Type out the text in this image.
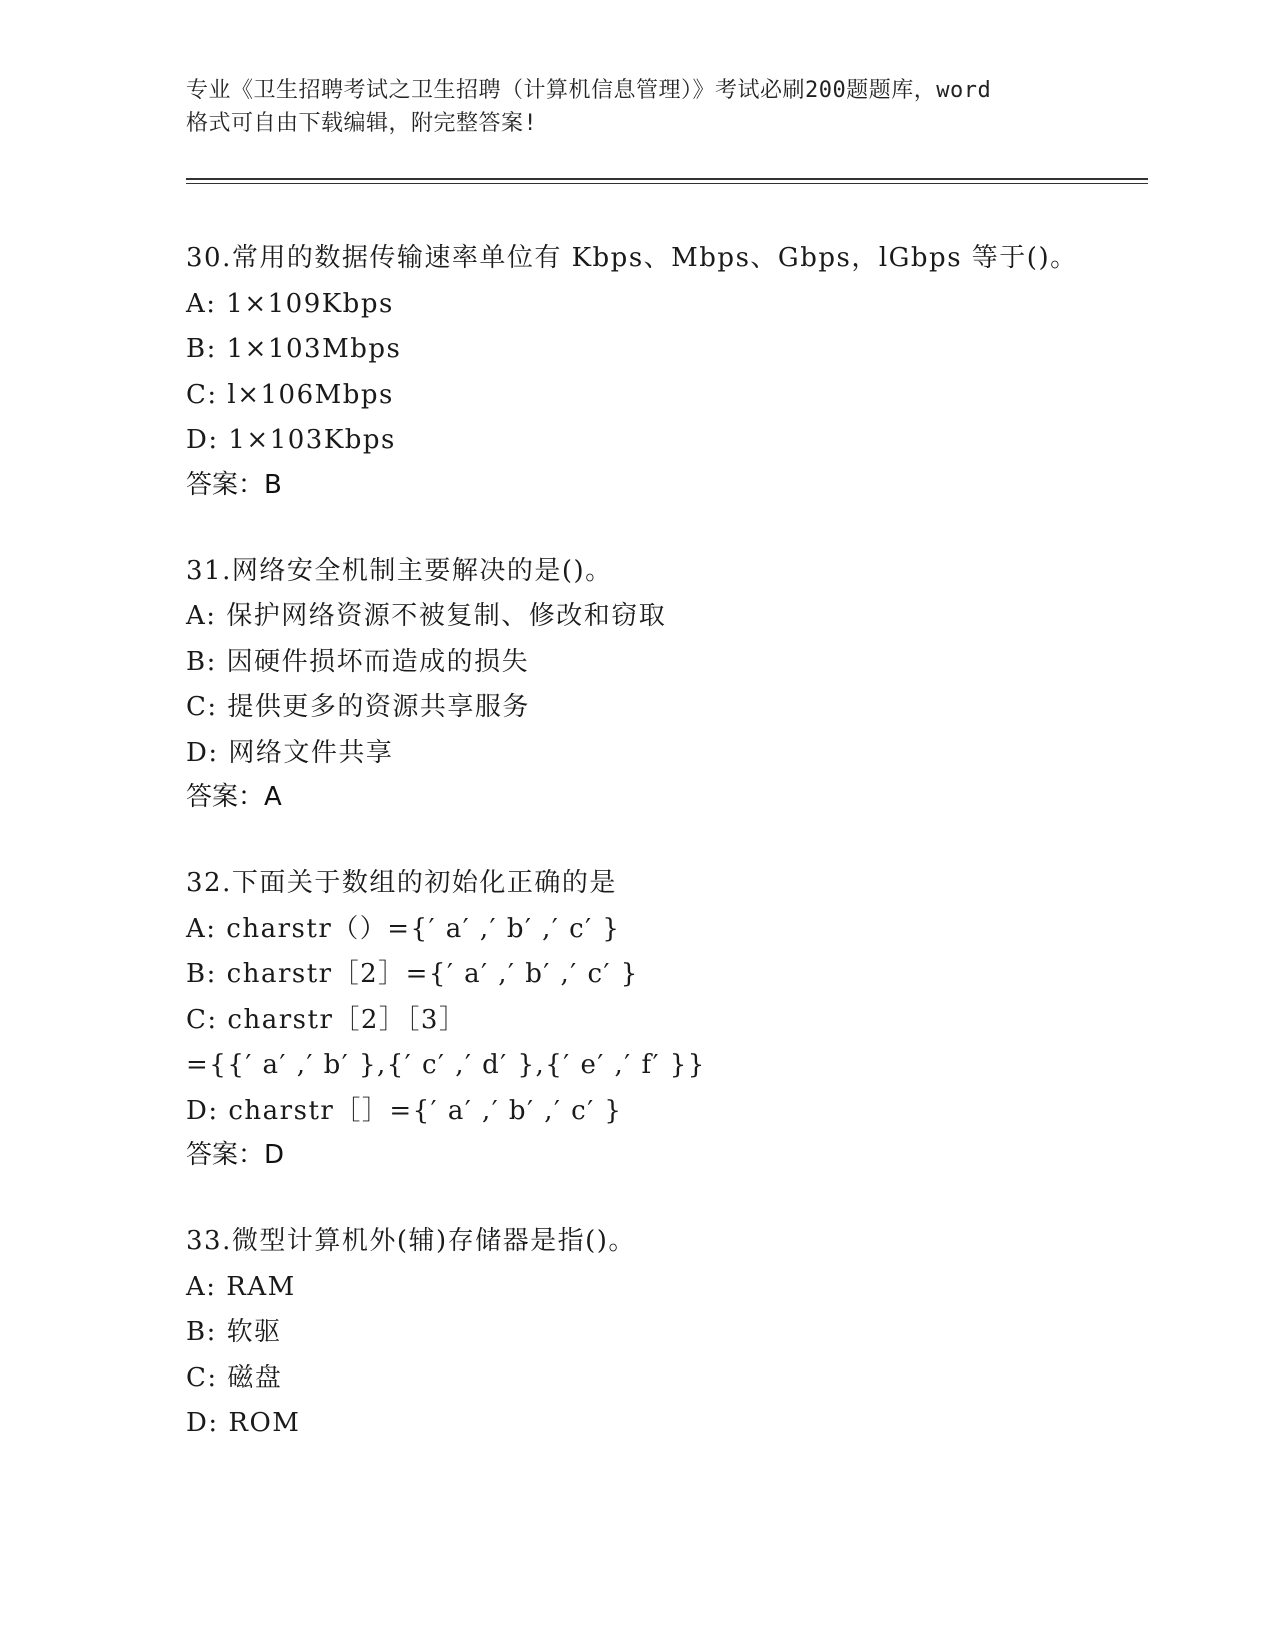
专业《卫生招聘考试之卫生招聘（计算机信息管理）》考试必刷200题题库，word
格式可自由下载编辑，附完整答案!
30.常用的数据传输速率单位有 Kbps、Mbps、Gbps，lGbps 等于()。
A: 1×109Kbps
B: 1×103Mbps
C: l×106Mbps
D: 1×103Kbps
答案：B
31.网络安全机制主要解决的是()。
A: 保护网络资源不被复制、修改和窃取
B: 因硬件损坏而造成的损失
C: 提供更多的资源共享服务
D: 网络文件共享
答案：A
32.下面关于数组的初始化正确的是
A: charstr（）={′ a′ ,′ b′ ,′ c′ }
B: charstr［2］={′ a′ ,′ b′ ,′ c′ }
C: charstr［2］［3］
={{′ a′ ,′ b′ },{′ c′ ,′ d′ },{′ e′ ,′ f′ }}
D: charstr［］={′ a′ ,′ b′ ,′ c′ }
答案：D
33.微型计算机外(辅)存储器是指()。
A: RAM
B: 软驱
C: 磁盘
D: ROM
